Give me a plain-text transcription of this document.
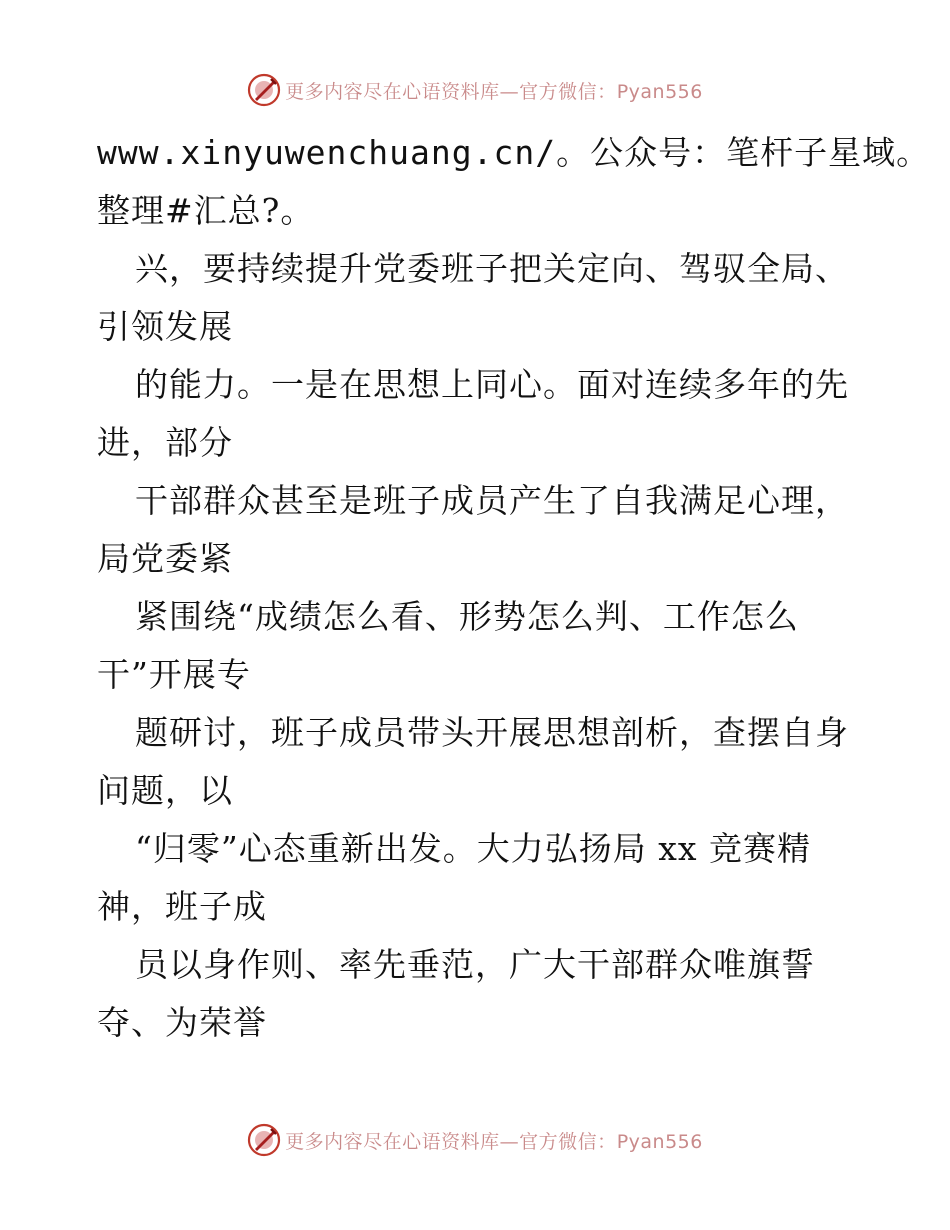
更多内容尽在心语资料库—官方微信：Pyan556
www.xinyuwenchuang.cn/。公众号：笔杆子星域。
整理#汇总?。
兴，要持续提升党委班子把关定向、驾驭全局、
引领发展
的能力。一是在思想上同心。面对连续多年的先
进，部分
干部群众甚至是班子成员产生了自我满足心理，
局党委紧
紧围绕“成绩怎么看、形势怎么判、工作怎么
干”开展专
题研讨，班子成员带头开展思想剖析，查摆自身
问题，以
“归零”心态重新出发。大力弘扬局 xx 竞赛精
神，班子成
员以身作则、率先垂范，广大干部群众唯旗誓
夺、为荣誉
更多内容尽在心语资料库—官方微信：Pyan556
